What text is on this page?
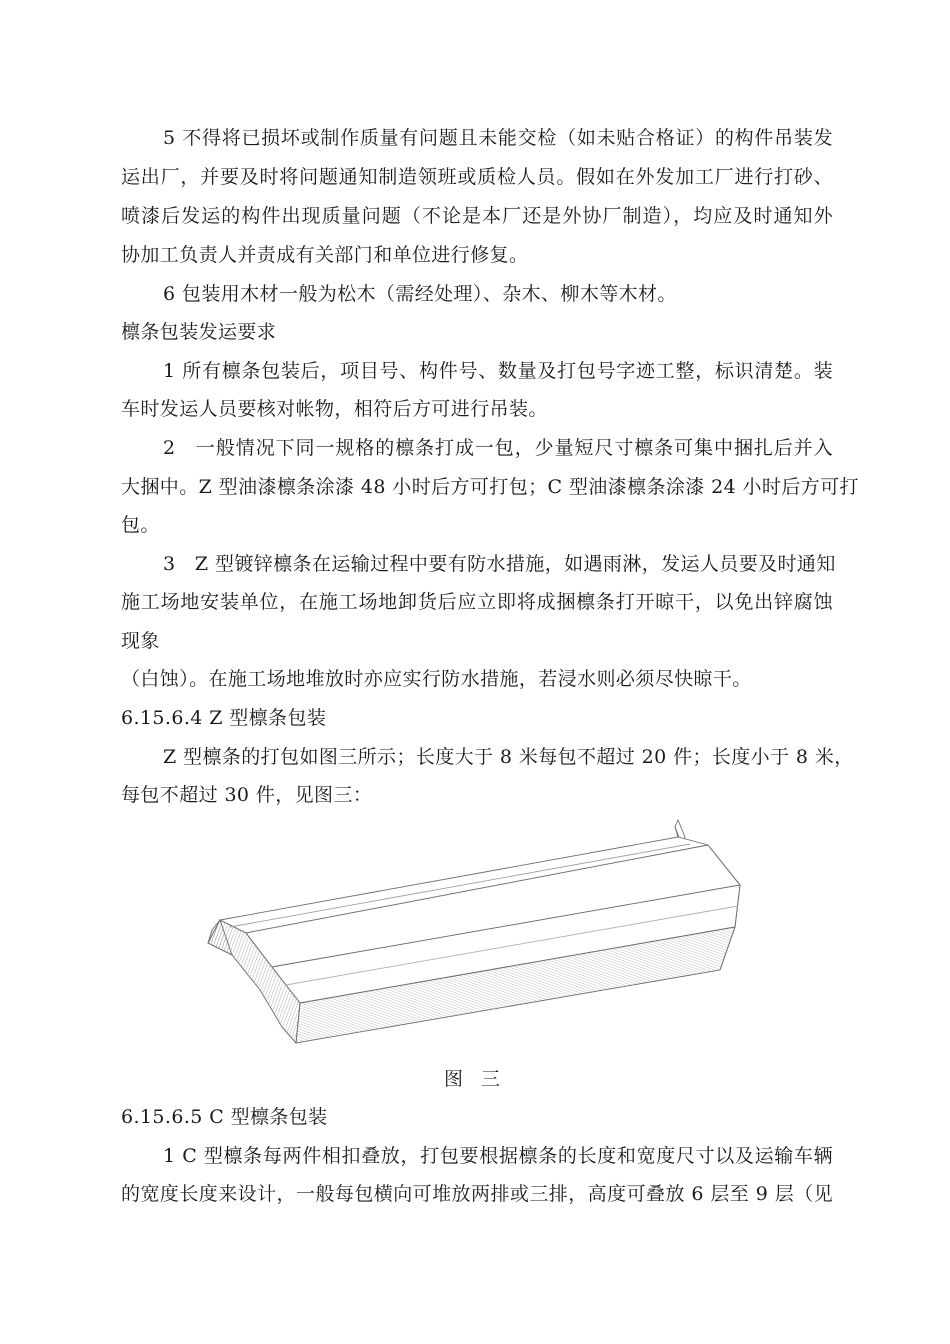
5 不得将已损坏或制作质量有问题且未能交检（如未贴合格证）的构件吊装发
运出厂，并要及时将问题通知制造领班或质检人员。假如在外发加工厂进行打砂、
喷漆后发运的构件出现质量问题（不论是本厂还是外协厂制造），均应及时通知外
协加工负责人并责成有关部门和单位进行修复。
6 包装用木材一般为松木（需经处理）、杂木、柳木等木材。
檩条包装发运要求
1 所有檩条包装后，项目号、构件号、数量及打包号字迹工整，标识清楚。装
车时发运人员要核对帐物，相符后方可进行吊装。
2　一般情况下同一规格的檩条打成一包，少量短尺寸檩条可集中捆扎后并入
大捆中。Z 型油漆檩条涂漆 48 小时后方可打包；C 型油漆檩条涂漆 24 小时后方可打
包。
3　Z 型镀锌檩条在运输过程中要有防水措施，如遇雨淋，发运人员要及时通知
施工场地安装单位，在施工场地卸货后应立即将成捆檩条打开晾干，以免出锌腐蚀
现象
（白蚀）。在施工场地堆放时亦应实行防水措施，若浸水则必须尽快晾干。
6.15.6.4 Z 型檩条包装
Z 型檩条的打包如图三所示；长度大于 8 米每包不超过 20 件；长度小于 8 米，
每包不超过 30 件，见图三：
图 三
6.15.6.5 C 型檩条包装
1 C 型檩条每两件相扣叠放，打包要根据檩条的长度和宽度尺寸以及运输车辆
的宽度长度来设计，一般每包横向可堆放两排或三排，高度可叠放 6 层至 9 层（见
